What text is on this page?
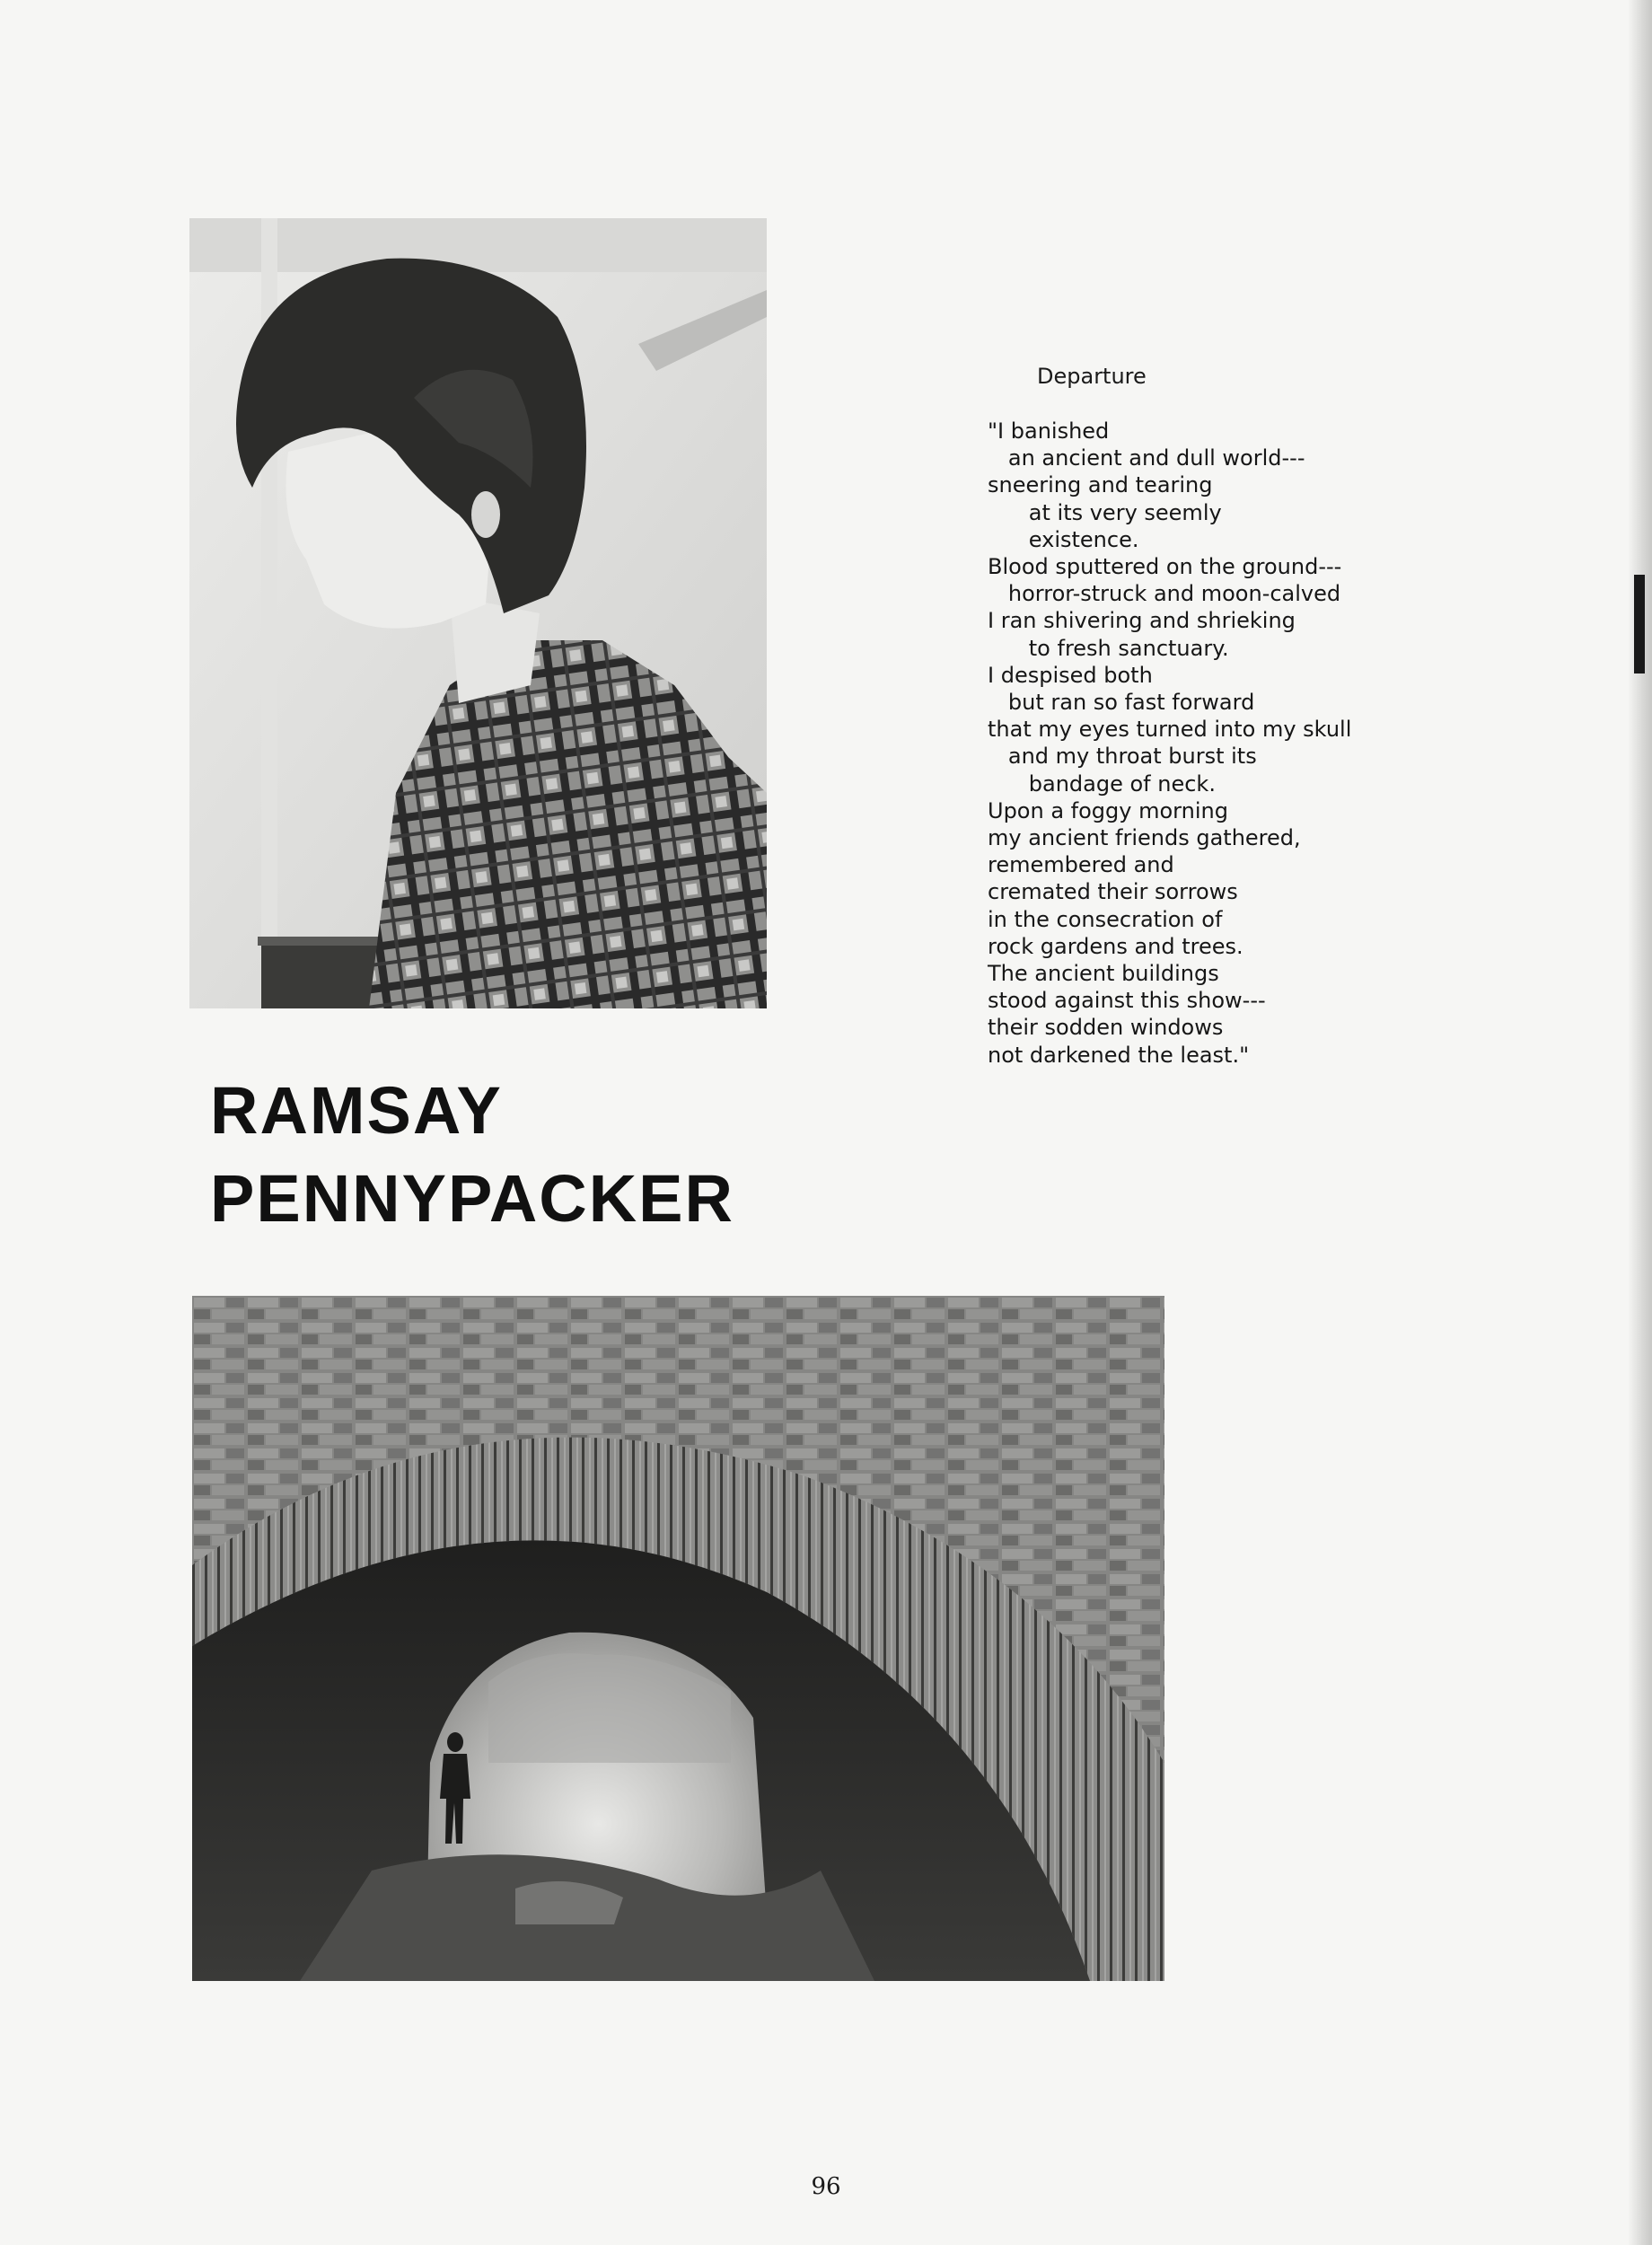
RAMSAY
PENNYPACKER
Departure
"I banished
an ancient and dull world---
sneering and tearing
at its very seemly
existence.
Blood sputtered on the ground---
horror-struck and moon-calved
I ran shivering and shrieking
to fresh sanctuary.
I despised both
but ran so fast forward
that my eyes turned into my skull
and my throat burst its
bandage of neck.
Upon a foggy morning
my ancient friends gathered,
remembered and
cremated their sorrows
in the consecration of
rock gardens and trees.
The ancient buildings
stood against this show---
their sodden windows
not darkened the least."
96
